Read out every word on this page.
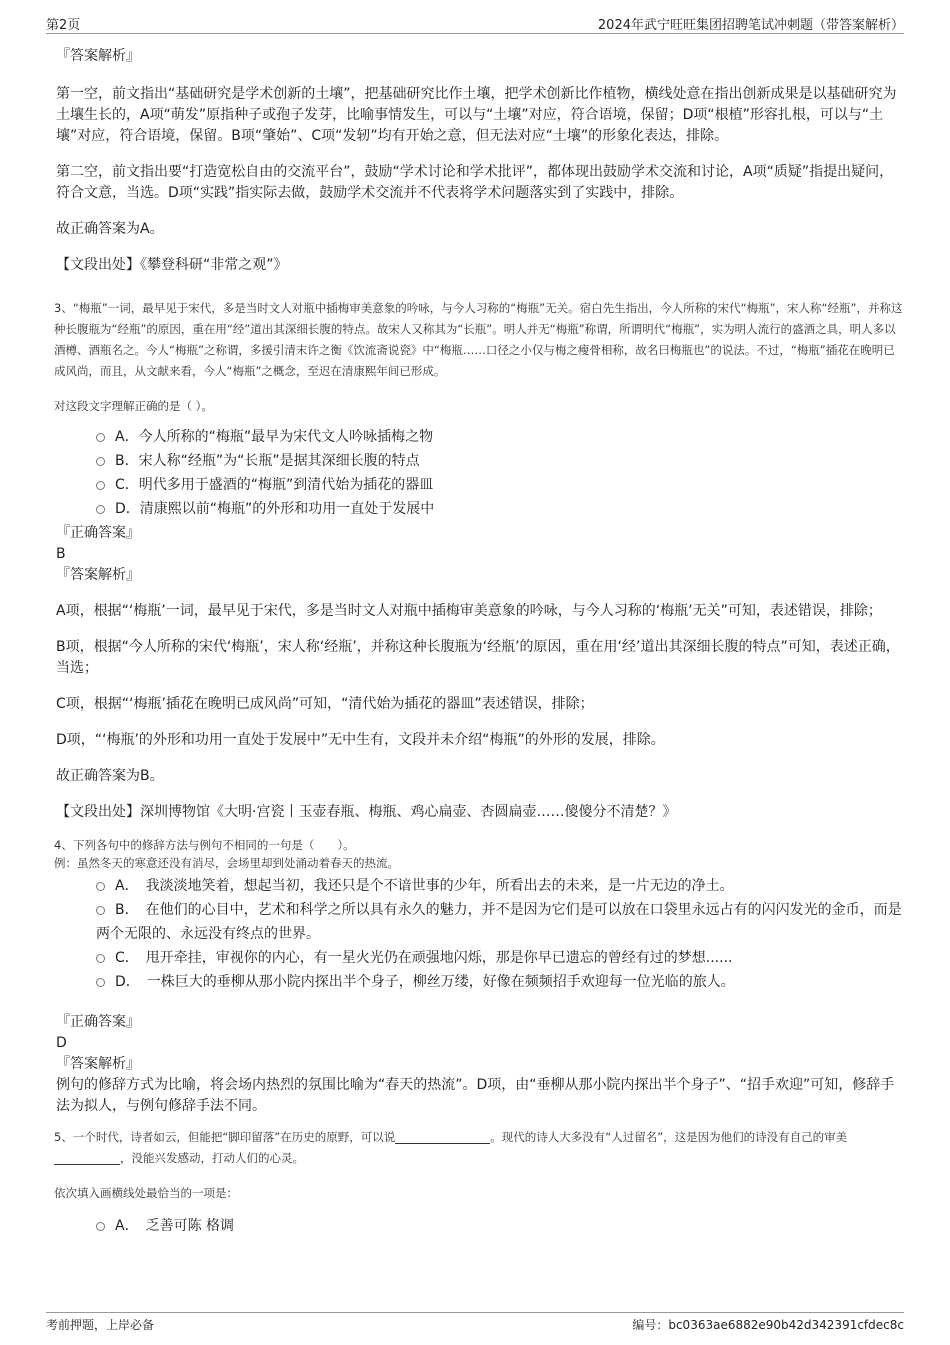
第2页	2024年武宁旺旺集团招聘笔试冲刺题（带答案解析）
『答案解析』

第一空，前文指出“基础研究是学术创新的土壤”，把基础研究比作土壤，把学术创新比作植物，横线处意在指出创新成果是以基础研究为土壤生长的，A项“萌发”原指种子或孢子发芽，比喻事情发生，可以与“土壤”对应，符合语境，保留；D项“根植”形容扎根，可以与“土壤”对应，符合语境，保留。B项“肇始”、C项“发轫”均有开始之意，但无法对应“土壤”的形象化表达，排除。

第二空，前文指出要“打造宽松自由的交流平台”，鼓励“学术讨论和学术批评”，都体现出鼓励学术交流和讨论，A项“质疑”指提出疑问，符合文意，当选。D项“实践”指实际去做，鼓励学术交流并不代表将学术问题落实到了实践中，排除。

故正确答案为A。

【文段出处】《攀登科研“非常之观”》

3、“梅瓶”一词，最早见于宋代，多是当时文人对瓶中插梅审美意象的吟咏，与今人习称的“梅瓶”无关。宿白先生指出，今人所称的宋代“梅瓶”，宋人称“经瓶”，并称这种长腹瓶为“经瓶”的原因，重在用“经”道出其深细长腹的特点。故宋人又称其为“长瓶”。明人并无“梅瓶”称谓，所谓明代“梅瓶”，实为明人流行的盛酒之具，明人多以酒樽、酒瓶名之。今人“梅瓶”之称谓，多援引清末许之衡《饮流斋说瓷》中“梅瓶……口径之小仅与梅之瘦骨相称，故名曰梅瓶也”的说法。不过，“梅瓶”插花在晚明已成风尚，而且，从文献来看，今人“梅瓶”之概念，至迟在清康熙年间已形成。

对这段文字理解正确的是（ ）。

A．今人所称的“梅瓶”最早为宋代文人吟咏插梅之物
B．宋人称“经瓶”为“长瓶”是据其深细长腹的特点
C．明代多用于盛酒的“梅瓶”到清代始为插花的器皿
D．清康熙以前“梅瓶”的外形和功用一直处于发展中
『正确答案』
B
『答案解析』

A项，根据“‘梅瓶’一词，最早见于宋代，多是当时文人对瓶中插梅审美意象的吟咏，与今人习称的‘梅瓶’无关”可知，表述错误，排除；

B项，根据“今人所称的宋代‘梅瓶’，宋人称‘经瓶’，并称这种长腹瓶为‘经瓶’的原因，重在用‘经’道出其深细长腹的特点”可知，表述正确，当选；

C项，根据“‘梅瓶’插花在晚明已成风尚”可知，“清代始为插花的器皿”表述错误，排除；

D项，“‘梅瓶’的外形和功用一直处于发展中”无中生有，文段并未介绍“梅瓶”的外形的发展，排除。

故正确答案为B。

【文段出处】深圳博物馆《大明·宫瓷丨玉壶春瓶、梅瓶、鸡心扁壶、杏圆扁壶……傻傻分不清楚？》

4、下列各句中的修辞方法与例句不相同的一句是（　　）。

例：虽然冬天的寒意还没有消尽，会场里却到处涌动着春天的热流。

A．　我淡淡地笑着，想起当初，我还只是个不谙世事的少年，所看出去的未来，是一片无边的净土。
B．　在他们的心目中，艺术和科学之所以具有永久的魅力，并不是因为它们是可以放在口袋里永远占有的闪闪发光的金币，而是两个无限的、永远没有终点的世界。
C．　甩开牵挂，审视你的内心，有一星火光仍在顽强地闪烁，那是你早已遗忘的曾经有过的梦想......
D．　一株巨大的垂柳从那小院内探出半个身子，柳丝万缕，好像在频频招手欢迎每一位光临的旅人。
『正确答案』
D
『答案解析』

例句的修辞方式为比喻，将会场内热烈的氛围比喻为“春天的热流”。D项，由“垂柳从那小院内探出半个身子”、“招手欢迎”可知，修辞手法为拟人，与例句修辞手法不同。

5、一个时代，诗者如云，但能把“脚印留落”在历史的原野，可以说	。现代的诗人大多没有“人过留名”，这是因为他们的诗没有自己的审美，没能兴发感动，打动人们的心灵。

依次填入画横线处最恰当的一项是：

A．　乏善可陈 格调
考前押题，上岸必备	编号：bc0363ae6882e90b42d342391cfdec8c
